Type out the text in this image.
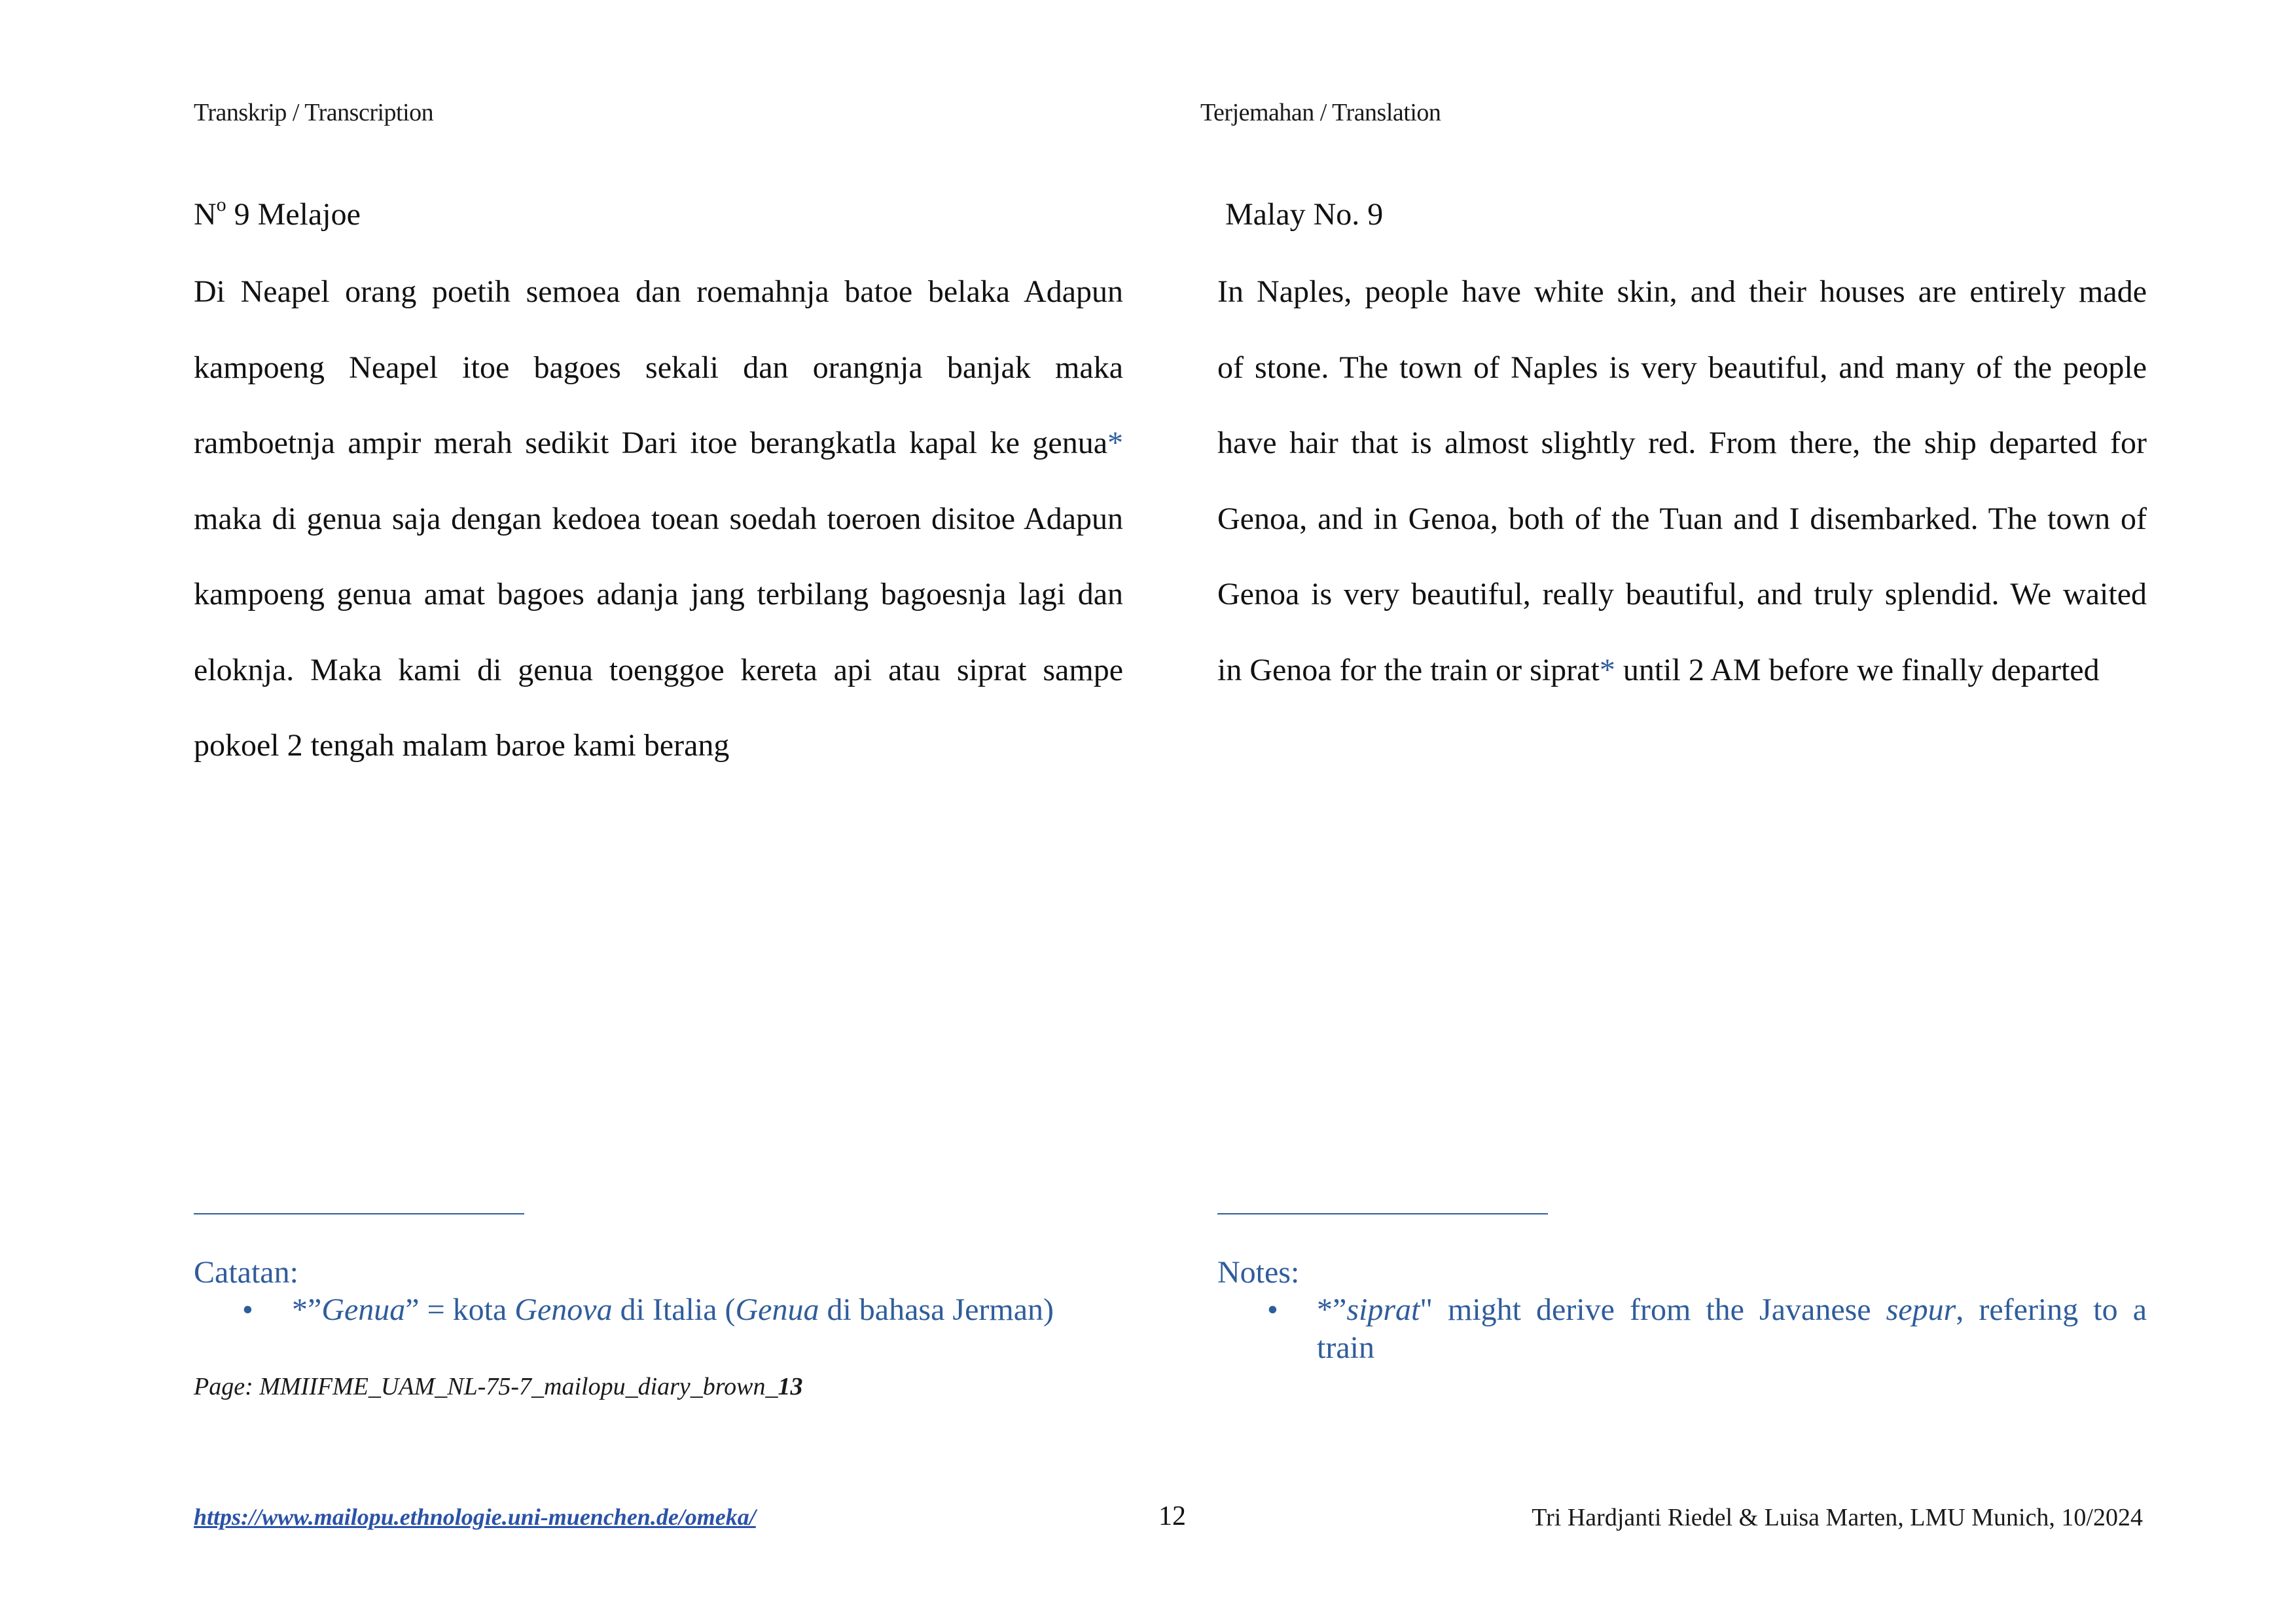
Transkrip / Transcription	Terjemahan / Translation
$N^o$ 9 Melajoe	Malay No. 9
Di Neapel orang poetih semoea dan roemahnja batoe belaka Adapun
kampoeng Neapel itoe bagoes sekali dan orangnja banjak maka
ramboetnja ampir merah sedikit Dari itoe berangkatla kapal ke genua*
maka di genua saja dengan kedoea toean soedah toeroen disitoe Adapun
kampoeng genua amat bagoes adanja jang terbilang bagoesnja lagi dan
eloknja. Maka kami di genua toenggoe kereta api atau siprat sampe
pokoel 2 tengah malam baroe kami berang
In Naples, people have white skin, and their houses are entirely made
of stone. The town of Naples is very beautiful, and many of the people
have hair that is almost slightly red. From there, the ship departed for
Genoa, and in Genoa, both of the Tuan and I disembarked. The town of
Genoa is very beautiful, really beautiful, and truly splendid. We waited
in Genoa for the train or siprat* until 2 AM before we finally departed
Catatan:
• *”Genua” = kota Genova di Italia (Genua di bahasa Jerman)
Page: MMIIFME_UAM_NL-75-7_mailopu_diary_brown_13
Notes:
• *”siprat" might derive from the Javanese sepur, refering to a
train
https://www.mailopu.ethnologie.uni-muenchen.de/omeka/	12	Tri Hardjanti Riedel & Luisa Marten, LMU Munich, 10/2024
